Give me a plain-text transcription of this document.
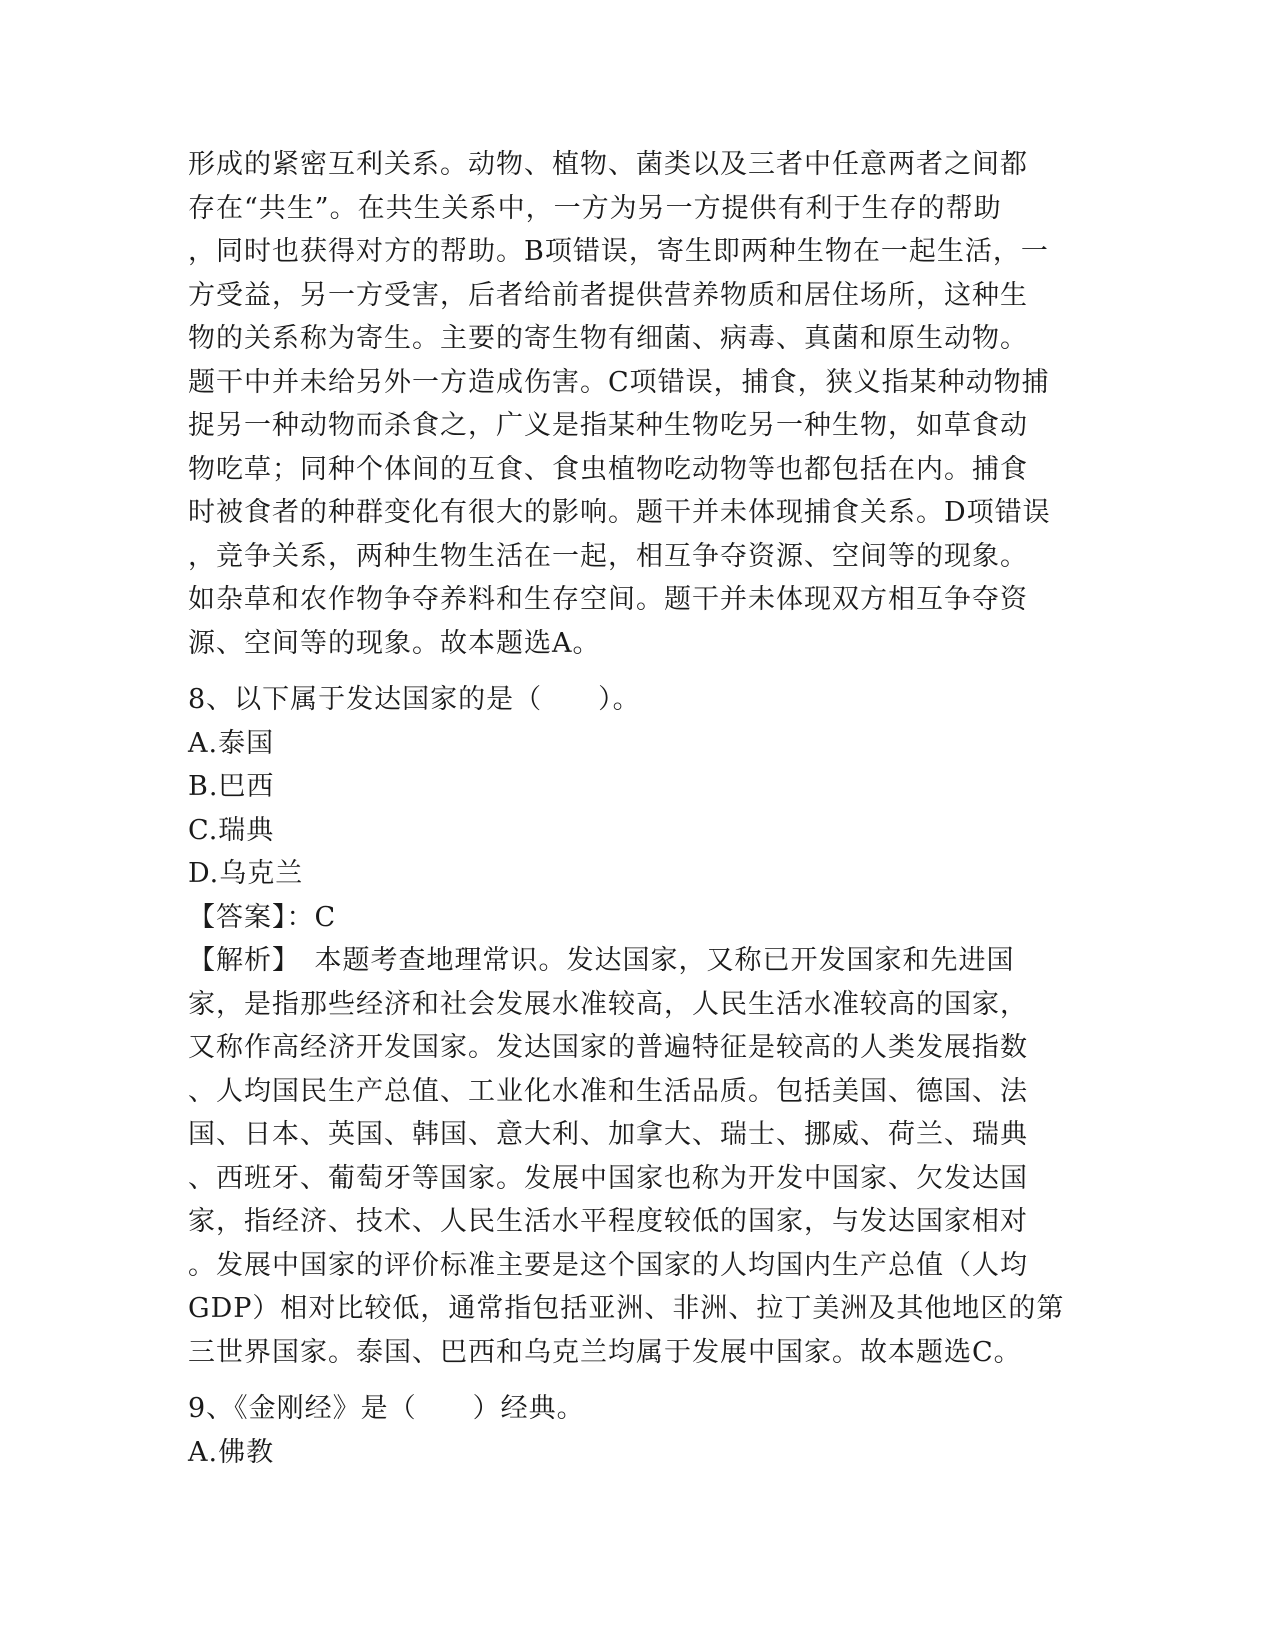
形成的紧密互利关系。动物、植物、菌类以及三者中任意两者之间都
存在“共生”。在共生关系中，一方为另一方提供有利于生存的帮助
，同时也获得对方的帮助。B项错误，寄生即两种生物在一起生活，一
方受益，另一方受害，后者给前者提供营养物质和居住场所，这种生
物的关系称为寄生。主要的寄生物有细菌、病毒、真菌和原生动物。
题干中并未给另外一方造成伤害。C项错误，捕食，狭义指某种动物捕
捉另一种动物而杀食之，广义是指某种生物吃另一种生物，如草食动
物吃草；同种个体间的互食、食虫植物吃动物等也都包括在内。捕食
时被食者的种群变化有很大的影响。题干并未体现捕食关系。D项错误
，竞争关系，两种生物生活在一起，相互争夺资源、空间等的现象。
如杂草和农作物争夺养料和生存空间。题干并未体现双方相互争夺资
源、空间等的现象。故本题选A。
8、以下属于发达国家的是（　　）。
A.泰国
B.巴西
C.瑞典
D.乌克兰
【答案】：C
【解析】　本题考查地理常识。发达国家，又称已开发国家和先进国
家，是指那些经济和社会发展水准较高，人民生活水准较高的国家，
又称作高经济开发国家。发达国家的普遍特征是较高的人类发展指数
、人均国民生产总值、工业化水准和生活品质。包括美国、德国、法
国、日本、英国、韩国、意大利、加拿大、瑞士、挪威、荷兰、瑞典
、西班牙、葡萄牙等国家。发展中国家也称为开发中国家、欠发达国
家，指经济、技术、人民生活水平程度较低的国家，与发达国家相对
。发展中国家的评价标准主要是这个国家的人均国内生产总值（人均
GDP）相对比较低，通常指包括亚洲、非洲、拉丁美洲及其他地区的第
三世界国家。泰国、巴西和乌克兰均属于发展中国家。故本题选C。
9、《金刚经》是（　　）经典。
A.佛教
